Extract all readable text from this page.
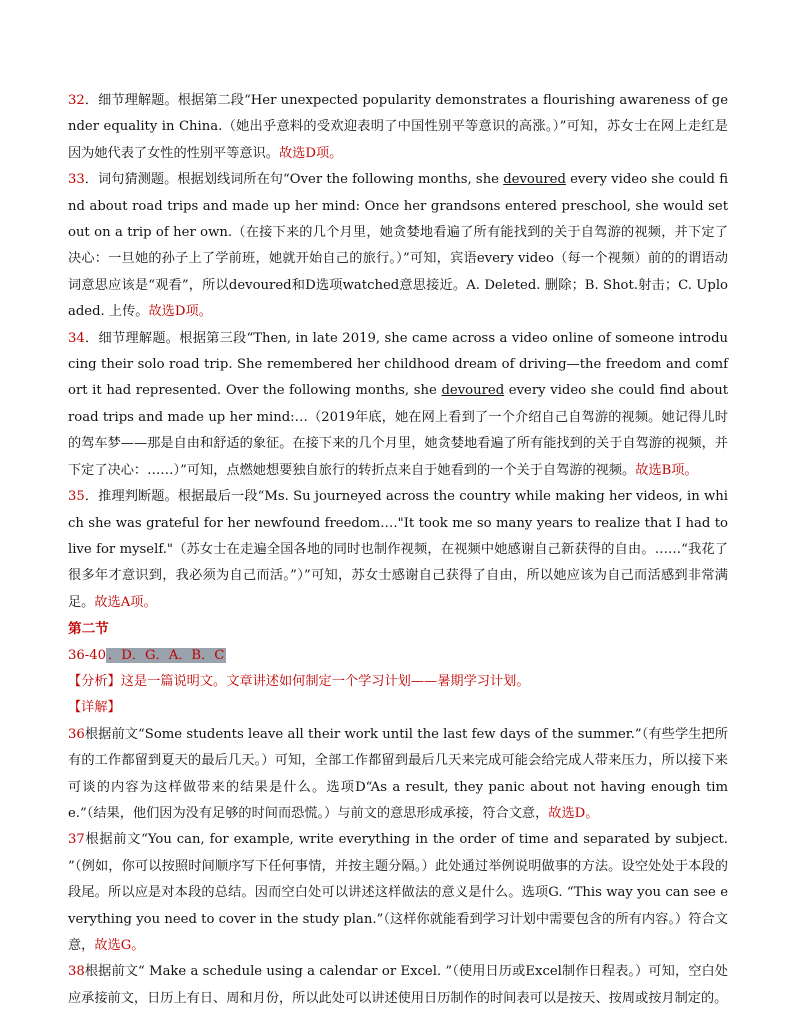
32．细节理解题。根据第二段“Her unexpected popularity demonstrates a flourishing awareness of gender equality in China.（她出乎意料的受欢迎表明了中国性别平等意识的高涨。）”可知，苏女士在网上走红是因为她代表了女性的性别平等意识。故选D项。

33．词句猜测题。根据划线词所在句“Over the following months, she devoured every video she could find about road trips and made up her mind: Once her grandsons entered preschool, she would set out on a trip of her own.（在接下来的几个月里，她贪婪地看遍了所有能找到的关于自驾游的视频，并下定了决心：一旦她的孙子上了学前班，她就开始自己的旅行。）”可知，宾语every video（每一个视频）前的的谓语动词意思应该是“观看”，所以devoured和D选项watched意思接近。A. Deleted. 删除；B. Shot.射击；C. Uploaded. 上传。故选D项。

34．细节理解题。根据第三段“Then, in late 2019, she came across a video online of someone introducing their solo road trip. She remembered her childhood dream of driving—the freedom and comfort it had represented. Over the following months, she devoured every video she could find about road trips and made up her mind:…（2019年底，她在网上看到了一个介绍自己自驾游的视频。她记得儿时的驾车梦——那是自由和舒适的象征。在接下来的几个月里，她贪婪地看遍了所有能找到的关于自驾游的视频，并下定了决心：……）”可知，点燃她想要独自旅行的转折点来自于她看到的一个关于自驾游的视频。故选B项。

35．推理判断题。根据最后一段“Ms. Su journeyed across the country while making her videos, in which she was grateful for her newfound freedom.…"It took me so many years to realize that I had to live for myself."（苏女士在走遍全国各地的同时也制作视频，在视频中她感谢自己新获得的自由。……“我花了很多年才意识到，我必须为自己而活。”）”可知，苏女士感谢自己获得了自由，所以她应该为自己而活感到非常满足。故选A项。

第二节

36-40 ．D．G．A．B．C

【分析】这是一篇说明文。文章讲述如何制定一个学习计划——暑期学习计划。

【详解】

36根据前文“Some students leave all their work until the last few days of the summer.”（有些学生把所有的工作都留到夏天的最后几天。）可知，全部工作都留到最后几天来完成可能会给完成人带来压力，所以接下来可谈的内容为这样做带来的结果是什么。选项D“As a result, they panic about not having enough time.”（结果，他们因为没有足够的时间而恐慌。）与前文的意思形成承接，符合文意，故选D。

37根据前文“You can, for example, write everything in the order of time and separated by subject. ”（例如，你可以按照时间顺序写下任何事情，并按主题分隔。）此处通过举例说明做事的方法。设空处处于本段的段尾。所以应是对本段的总结。因而空白处可以讲述这样做法的意义是什么。选项G. “This way you can see everything you need to cover in the study plan.”（这样你就能看到学习计划中需要包含的所有内容。）符合文意，故选G。

38根据前文“ Make a schedule using a calendar or Excel. ”（使用日历或Excel制作日程表。）可知，空白处应承接前文，日历上有日、周和月份，所以此处可以讲述使用日历制作的时间表可以是按天、按周或按月制定的。
